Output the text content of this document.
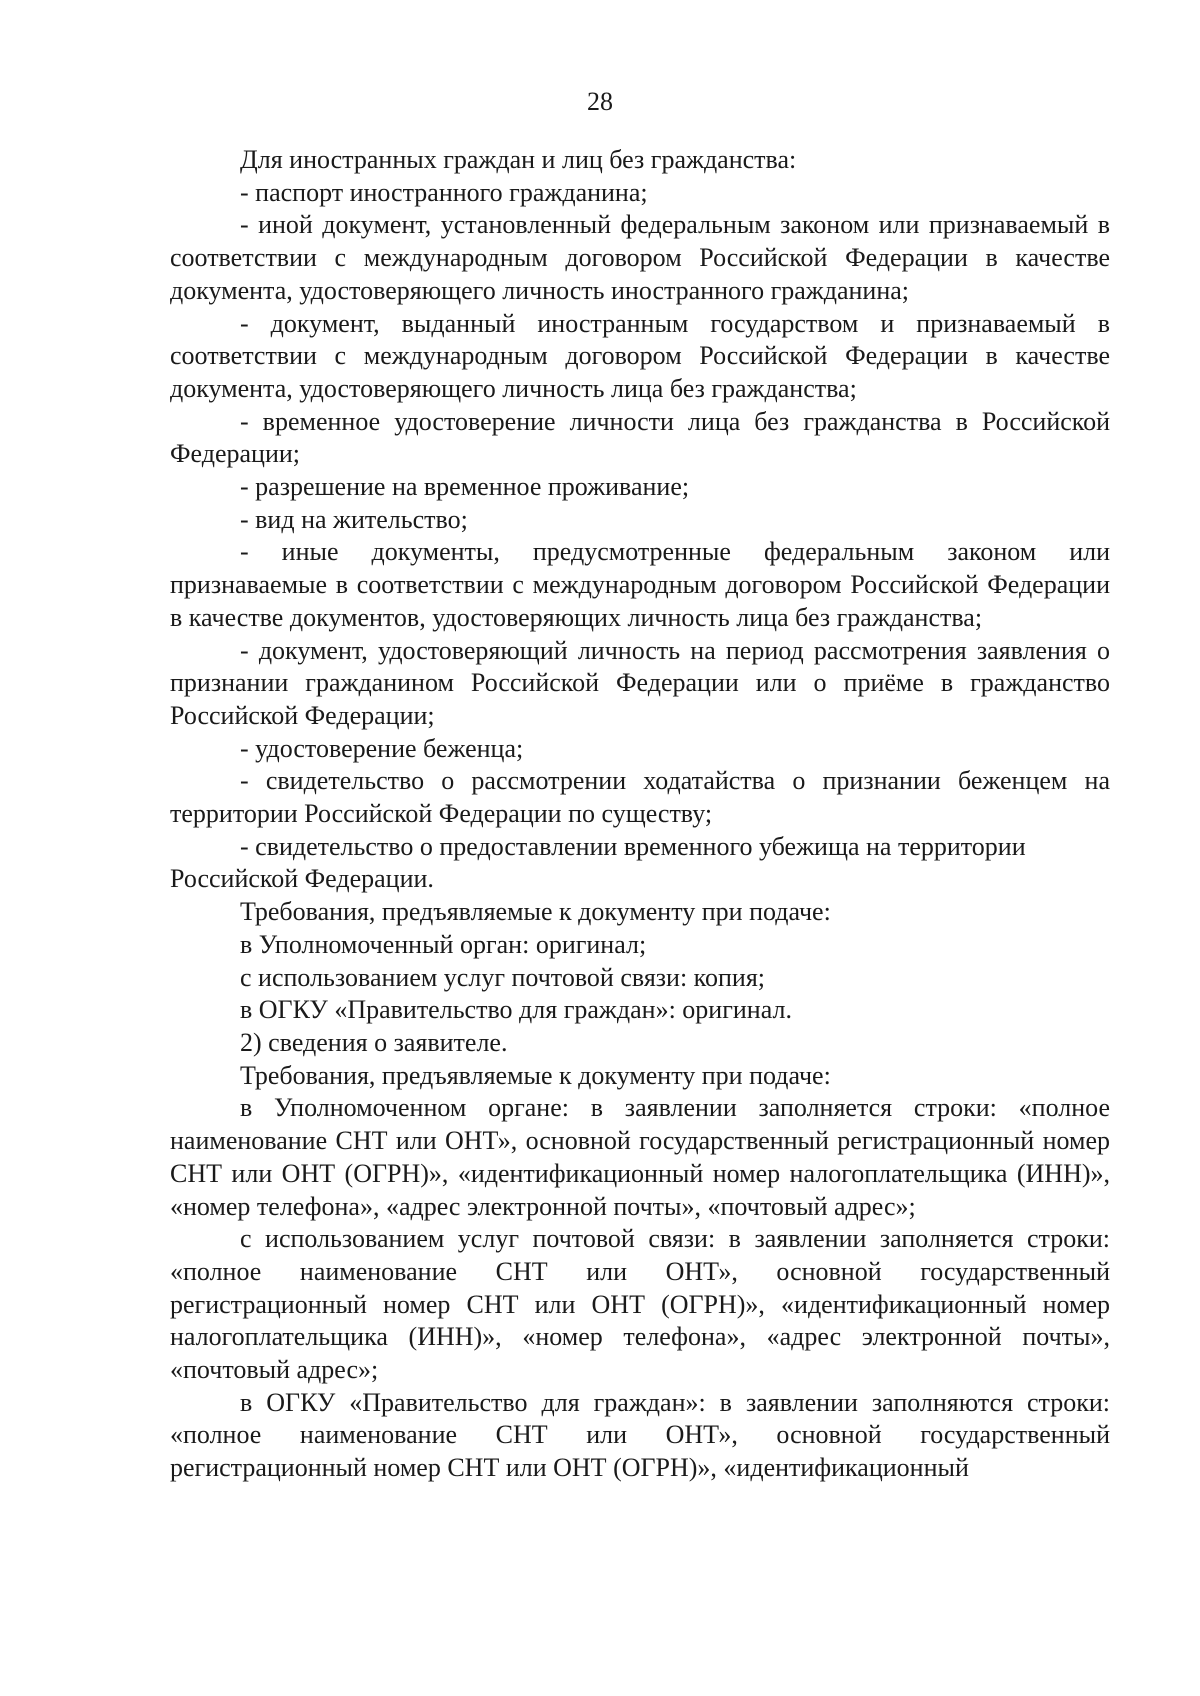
28

Для иностранных граждан и лиц без гражданства:

- паспорт иностранного гражданина;

- иной документ, установленный федеральным законом или признаваемый в соответствии с международным договором Российской Федерации в качестве документа, удостоверяющего личность иностранного гражданина;

- документ, выданный иностранным государством и признаваемый в соответствии с международным договором Российской Федерации в качестве документа, удостоверяющего личность лица без гражданства;

- временное удостоверение личности лица без гражданства в Российской Федерации;

- разрешение на временное проживание;

- вид на жительство;

- иные документы, предусмотренные федеральным законом или признаваемые в соответствии с международным договором Российской Федерации в качестве документов, удостоверяющих личность лица без гражданства;

- документ, удостоверяющий личность на период рассмотрения заявления о признании гражданином Российской Федерации или о приёме в гражданство Российской Федерации;

- удостоверение беженца;

- свидетельство о рассмотрении ходатайства о признании беженцем на территории Российской Федерации по существу;

- свидетельство о предоставлении временного убежища на территории Российской Федерации.

Требования, предъявляемые к документу при подаче:

в Уполномоченный орган: оригинал;

с использованием услуг почтовой связи: копия;

в ОГКУ «Правительство для граждан»: оригинал.

2) сведения о заявителе.

Требования, предъявляемые к документу при подаче:

в Уполномоченном органе: в заявлении заполняется строки: «полное наименование СНТ или ОНТ», основной государственный регистрационный номер СНТ или ОНТ (ОГРН)», «идентификационный номер налогоплательщика (ИНН)», «номер телефона», «адрес электронной почты», «почтовый адрес»;

с использованием услуг почтовой связи: в заявлении заполняется строки: «полное наименование СНТ или ОНТ», основной государственный регистрационный номер СНТ или ОНТ (ОГРН)», «идентификационный номер налогоплательщика (ИНН)», «номер телефона», «адрес электронной почты», «почтовый адрес»;

в ОГКУ «Правительство для граждан»: в заявлении заполняются строки: «полное наименование СНТ или ОНТ», основной государственный регистрационный номер СНТ или ОНТ (ОГРН)», «идентификационный
